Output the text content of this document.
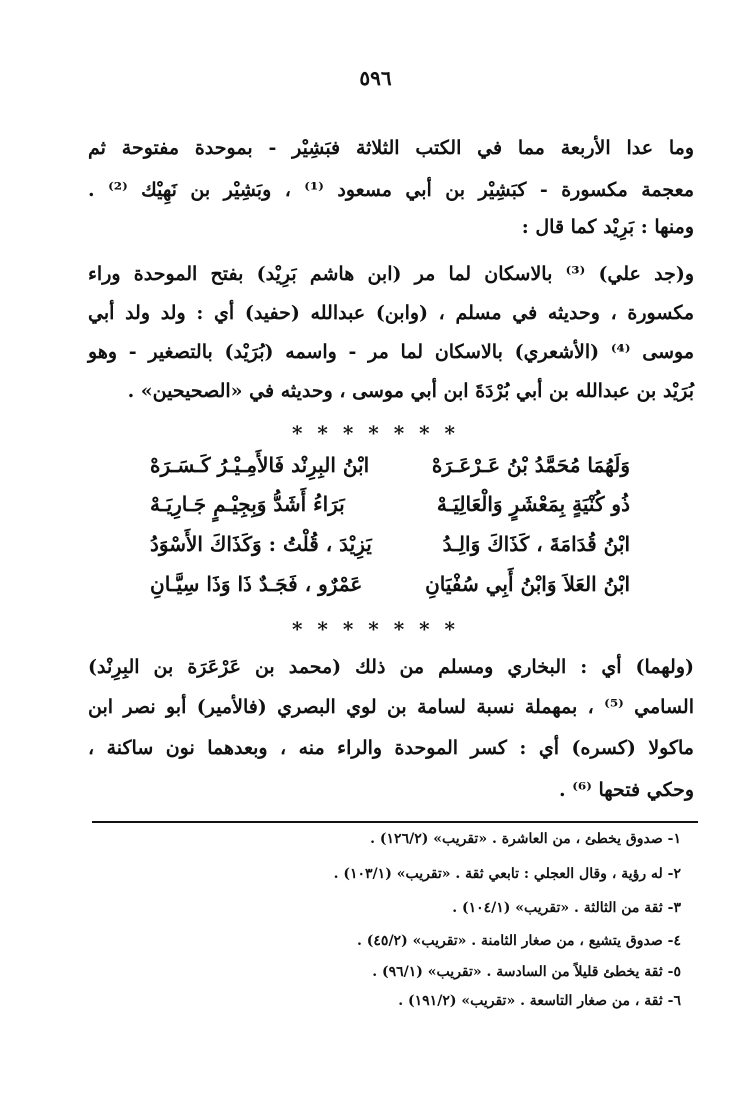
٥٩٦
وما عدا الأربعة مما في الكتب الثلاثة فبَشِيْر - بموحدة مفتوحة ثم
معجمة مكسورة - كبَشِيْر بن أبي مسعود ⁽¹⁾ ، وبَشِيْر بن نَهِيْك ⁽²⁾ .
ومنها : بَرِيْد كما قال :
و(جد علي) ⁽³⁾ بالاسكان لما مر (ابن هاشم بَرِيْد) بفتح الموحدة وراء
مكسورة ، وحديثه في مسلم ، (وابن) عبدالله (حفيد) أي : ولد ولد أبي
موسى ⁽⁴⁾ (الأشعري) بالاسكان لما مر - واسمه (بُرَيْد) بالتصغير - وهو
بُرَيْد بن عبدالله بن أبي بُرْدَةَ ابن أبي موسى ، وحديثه في «الصحيحين» .
* * * * * * *
وَلَهُمَا مُحَمَّدُ بْنُ عَـرْعَـرَهْ
ابْنُ البِرِنْد فَالأَمِـيْـرُ كَـسَـرَهْ
ذُو كُنْيَةٍ بِمَعْشَرٍ وَالْعَالِيَـهْ
بَرَاءُ أَشَدُّ وَبِجِيْـمٍ جَـارِيَـهْ
ابْنُ قُدَامَةَ ، كَذَاكَ وَالِـدُ
يَزِيْدَ ، قُلْتُ : وَكَذَاكَ الأَسْوَدُ
ابْنُ العَلاَ وَابْنُ أَبِي سُفْيَانِ
عَمْرٌو ، فَجَـدٌ ذَا وَذَا سِيَّـانِ
* * * * * * *
(ولهما) أي : البخاري ومسلم من ذلك (محمد بن عَرْعَرَة بن البِرِنْد)
السامي ⁽⁵⁾ ، بمهملة نسبة لسامة بن لوي البصري (فالأمير) أبو نصر ابن
ماكولا (كسره) أي : كسر الموحدة والراء منه ، وبعدهما نون ساكنة ،
وحكي فتحها ⁽⁶⁾ .
١- صدوق يخطئ ، من العاشرة . «تقريب» (١٢٦/٢) .
٢- له رؤية ، وقال العجلي : تابعي ثقة . «تقريب» (١٠٣/١) .
٣- ثقة من الثالثة . «تقريب» (١٠٤/١) .
٤- صدوق يتشيع ، من صغار الثامنة . «تقريب» (٤٥/٢) .
٥- ثقة يخطئ قليلاً من السادسة . «تقريب» (٩٦/١) .
٦- ثقة ، من صغار التاسعة . «تقريب» (١٩١/٢) .
